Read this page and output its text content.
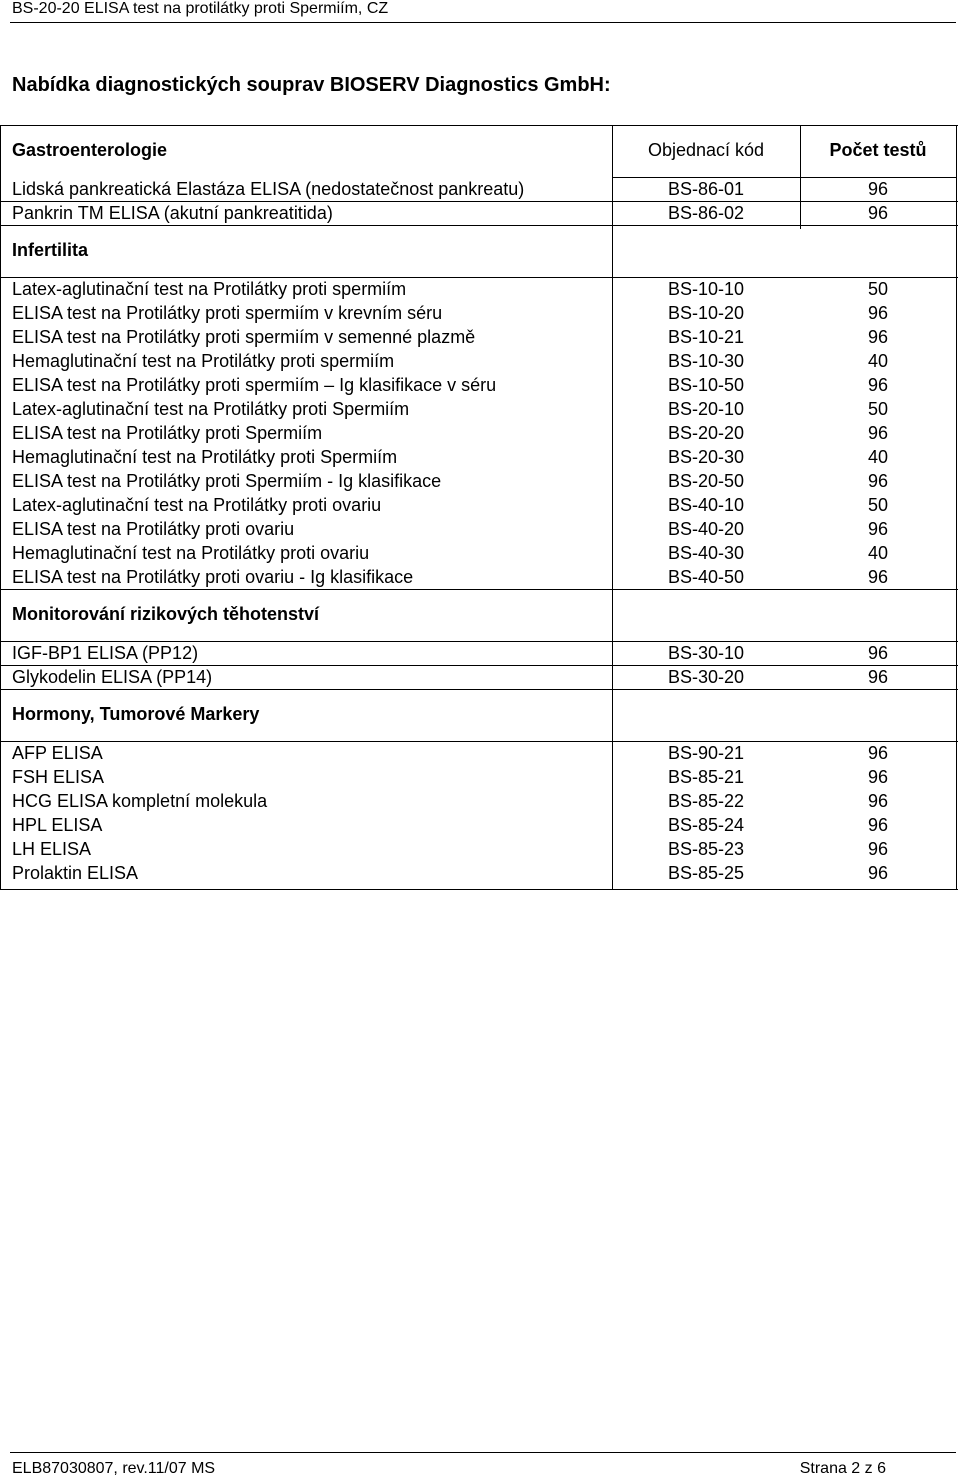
BS-20-20 ELISA test na protilátky proti Spermiím, CZ
Nabídka diagnostických souprav BIOSERV Diagnostics GmbH:
Gastroenterologie	Objednací kód	Počet testů
Lidská pankreatická Elastáza ELISA (nedostatečnost pankreatu)	BS-86-01	96
Pankrin TM ELISA (akutní pankreatitida)	BS-86-02	96
Infertilita
Latex-aglutinační test na Protilátky proti spermiím	BS-10-10	50
ELISA test na Protilátky proti spermiím v krevním séru	BS-10-20	96
ELISA test na Protilátky proti spermiím v semenné plazmě	BS-10-21	96
Hemaglutinační test na Protilátky proti spermiím	BS-10-30	40
ELISA test na Protilátky proti spermiím – Ig klasifikace v séru	BS-10-50	96
Latex-aglutinační test na Protilátky proti Spermiím	BS-20-10	50
ELISA test na Protilátky proti Spermiím	BS-20-20	96
Hemaglutinační test na Protilátky proti Spermiím	BS-20-30	40
ELISA test na Protilátky proti Spermiím - Ig klasifikace	BS-20-50	96
Latex-aglutinační test na Protilátky proti ovariu	BS-40-10	50
ELISA test na Protilátky proti ovariu	BS-40-20	96
Hemaglutinační test na Protilátky proti ovariu	BS-40-30	40
ELISA test na Protilátky proti ovariu - Ig klasifikace	BS-40-50	96
Monitorování rizikových těhotenství
IGF-BP1 ELISA (PP12)	BS-30-10	96
Glykodelin ELISA (PP14)	BS-30-20	96
Hormony, Tumorové Markery
AFP ELISA	BS-90-21	96
FSH ELISA	BS-85-21	96
HCG ELISA kompletní molekula	BS-85-22	96
HPL ELISA	BS-85-24	96
LH ELISA	BS-85-23	96
Prolaktin ELISA	BS-85-25	96
ELB87030807, rev.11/07 MS	Strana 2 z 6
